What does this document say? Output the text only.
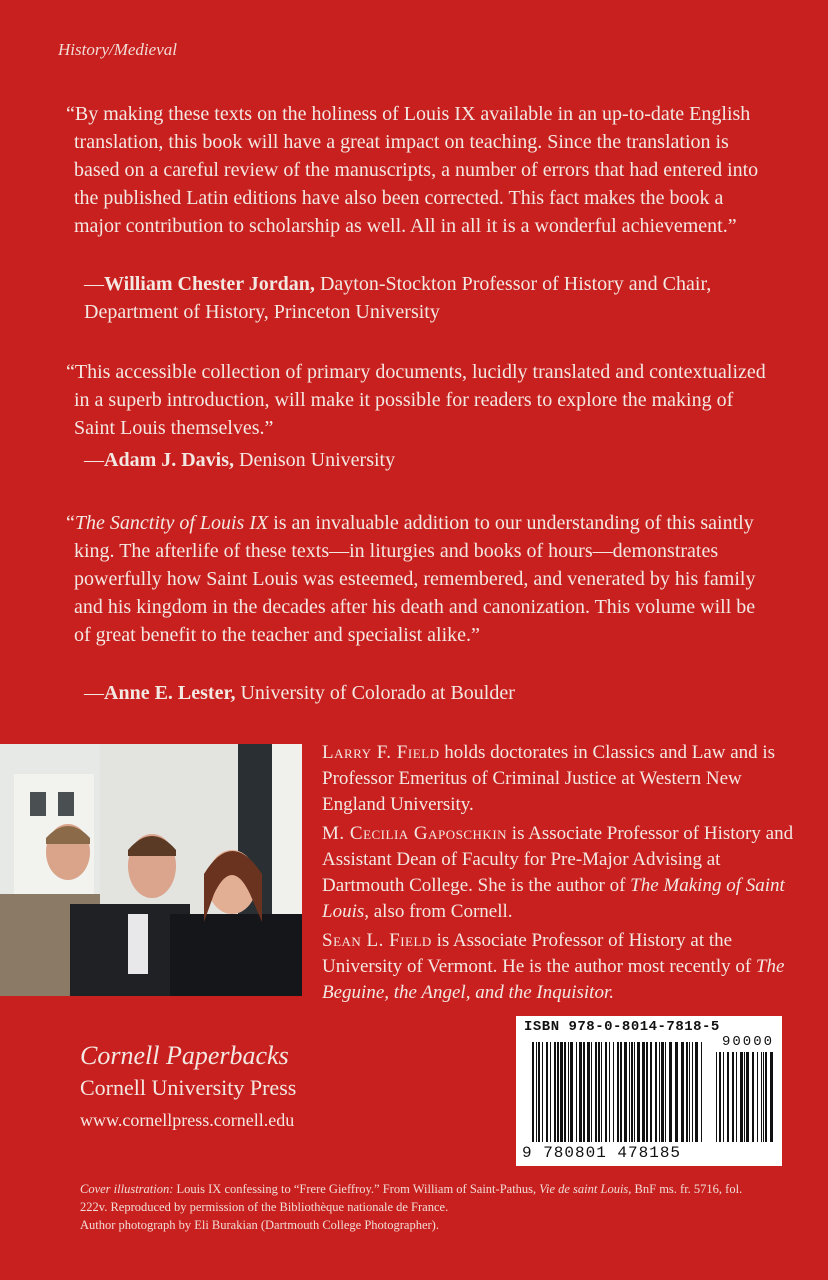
History/Medieval

“By making these texts on the holiness of Louis IX available in an up-to-date English translation, this book will have a great impact on teaching. Since the translation is based on a careful review of the manuscripts, a number of errors that had entered into the published Latin editions have also been corrected. This fact makes the book a major contribution to scholarship as well. All in all it is a wonderful achievement.”

—William Chester Jordan, Dayton-Stockton Professor of History and Chair, Department of History, Princeton University

“This accessible collection of primary documents, lucidly translated and contextualized in a superb introduction, will make it possible for readers to explore the making of Saint Louis themselves.”

—Adam J. Davis, Denison University

“The Sanctity of Louis IX is an invaluable addition to our understanding of this saintly king. The afterlife of these texts—in liturgies and books of hours—demonstrates powerfully how Saint Louis was esteemed, remembered, and venerated by his family and his kingdom in the decades after his death and canonization. This volume will be of great benefit to the teacher and specialist alike.”

—Anne E. Lester, University of Colorado at Boulder

Larry F. Field holds doctorates in Classics and Law and is Professor Emeritus of Criminal Justice at Western New England University.

M. Cecilia Gaposchkin is Associate Professor of History and Assistant Dean of Faculty for Pre-Major Advising at Dartmouth College. She is the author of The Making of Saint Louis, also from Cornell.

Sean L. Field is Associate Professor of History at the University of Vermont. He is the author most recently of The Beguine, the Angel, and the Inquisitor.

Cornell Paperbacks
Cornell University Press
www.cornellpress.cornell.edu
ISBN 978-0-8014-7818-5
90000
9 780801 478185

Cover illustration: Louis IX confessing to “Frere Gieffroy.” From William of Saint-Pathus, Vie de saint Louis, BnF ms. fr. 5716, fol. 222v. Reproduced by permission of the Bibliothèque nationale de France.

Author photograph by Eli Burakian (Dartmouth College Photographer).
